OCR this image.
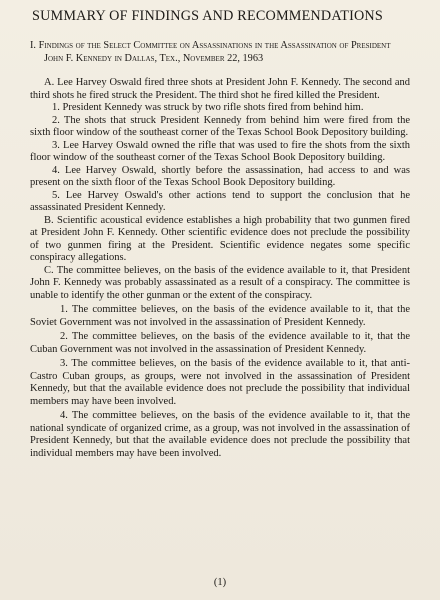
SUMMARY OF FINDINGS AND RECOMMENDATIONS
I. Findings of the Select Committee on Assassinations in the Assassination of President John F. Kennedy in Dallas, Tex., November 22, 1963

A. Lee Harvey Oswald fired three shots at President John F. Kennedy. The second and third shots he fired struck the President. The third shot he fired killed the President.

1. President Kennedy was struck by two rifle shots fired from behind him.

2. The shots that struck President Kennedy from behind him were fired from the sixth floor window of the southeast corner of the Texas School Book Depository building.

3. Lee Harvey Oswald owned the rifle that was used to fire the shots from the sixth floor window of the southeast corner of the Texas School Book Depository building.

4. Lee Harvey Oswald, shortly before the assassination, had access to and was present on the sixth floor of the Texas School Book Depository building.

5. Lee Harvey Oswald's other actions tend to support the conclusion that he assassinated President Kennedy.

B. Scientific acoustical evidence establishes a high probability that two gunmen fired at President John F. Kennedy. Other scientific evidence does not preclude the possibility of two gunmen firing at the President. Scientific evidence negates some specific conspiracy allegations.

C. The committee believes, on the basis of the evidence available to it, that President John F. Kennedy was probably assassinated as a result of a conspiracy. The committee is unable to identify the other gunman or the extent of the conspiracy.

1. The committee believes, on the basis of the evidence available to it, that the Soviet Government was not involved in the assassination of President Kennedy.

2. The committee believes, on the basis of the evidence available to it, that the Cuban Government was not involved in the assassination of President Kennedy.

3. The committee believes, on the basis of the evidence available to it, that anti-Castro Cuban groups, as groups, were not involved in the assassination of President Kennedy, but that the available evidence does not preclude the possibility that individual members may have been involved.

4. The committee believes, on the basis of the evidence available to it, that the national syndicate of organized crime, as a group, was not involved in the assassination of President Kennedy, but that the available evidence does not preclude the possibility that individual members may have been involved.

(1)
